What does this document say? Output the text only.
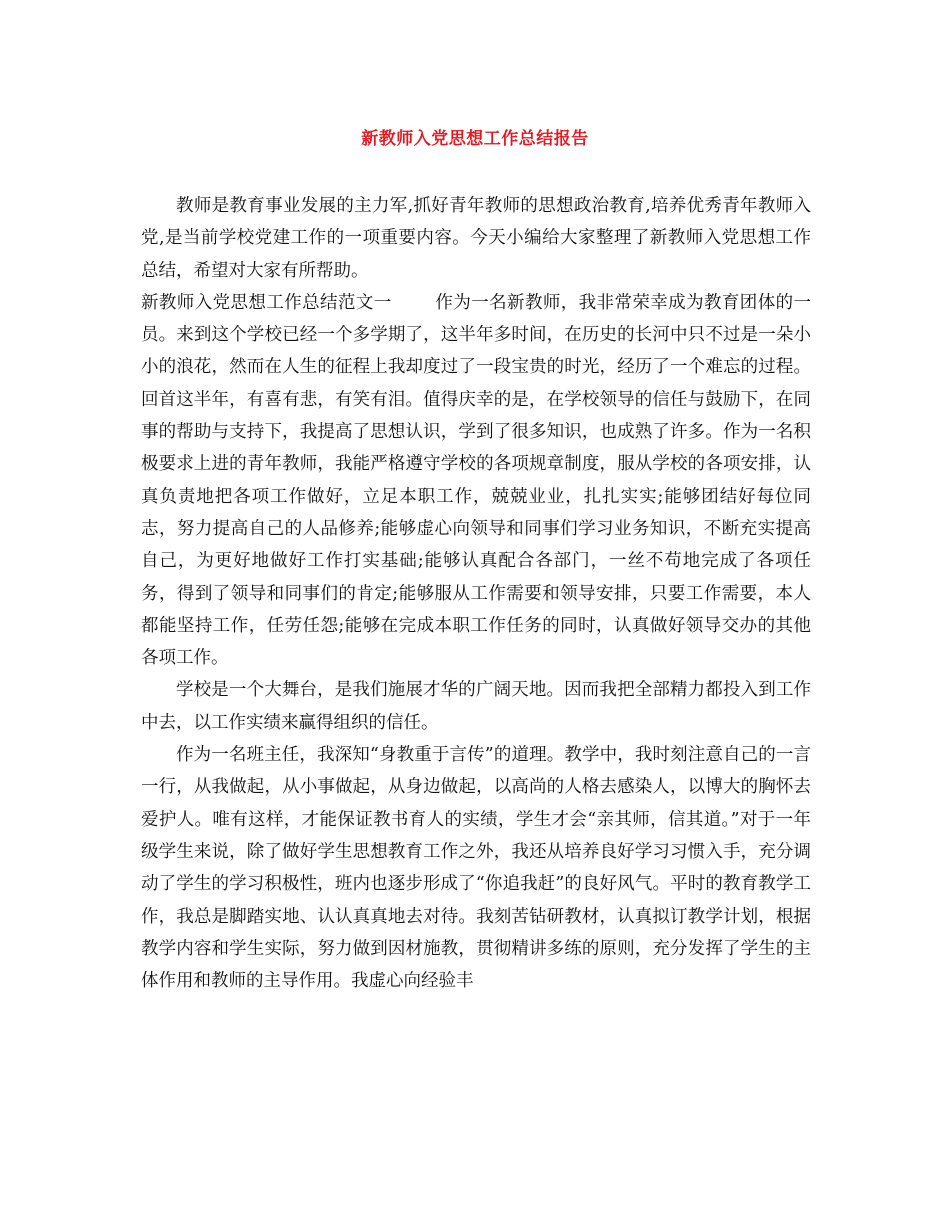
新教师入党思想工作总结报告

教师是教育事业发展的主力军,抓好青年教师的思想政治教育,培养优秀青年教师入党,是当前学校党建工作的一项重要内容。今天小编给大家整理了新教师入党思想工作总结，希望对大家有所帮助。

新教师入党思想工作总结范文一	作为一名新教师，我非常荣幸成为教育团体的一员。来到这个学校已经一个多学期了，这半年多时间，在历史的长河中只不过是一朵小小的浪花，然而在人生的征程上我却度过了一段宝贵的时光，经历了一个难忘的过程。回首这半年，有喜有悲，有笑有泪。值得庆幸的是，在学校领导的信任与鼓励下，在同事的帮助与支持下，我提高了思想认识，学到了很多知识，也成熟了许多。作为一名积极要求上进的青年教师，我能严格遵守学校的各项规章制度，服从学校的各项安排，认真负责地把各项工作做好，立足本职工作，兢兢业业，扎扎实实;能够团结好每位同志，努力提高自己的人品修养;能够虚心向领导和同事们学习业务知识，不断充实提高自己，为更好地做好工作打实基础;能够认真配合各部门，一丝不苟地完成了各项任务，得到了领导和同事们的肯定;能够服从工作需要和领导安排，只要工作需要，本人都能坚持工作，任劳任怨;能够在完成本职工作任务的同时，认真做好领导交办的其他各项工作。

学校是一个大舞台，是我们施展才华的广阔天地。因而我把全部精力都投入到工作中去，以工作实绩来赢得组织的信任。

作为一名班主任，我深知“身教重于言传”的道理。教学中，我时刻注意自己的一言一行，从我做起，从小事做起，从身边做起，以高尚的人格去感染人，以博大的胸怀去爱护人。唯有这样，才能保证教书育人的实绩，学生才会“亲其师，信其道。”对于一年级学生来说，除了做好学生思想教育工作之外，我还从培养良好学习习惯入手，充分调动了学生的学习积极性，班内也逐步形成了“你追我赶”的良好风气。平时的教育教学工作，我总是脚踏实地、认认真真地去对待。我刻苦钻研教材，认真拟订教学计划，根据教学内容和学生实际，努力做到因材施教，贯彻精讲多练的原则，充分发挥了学生的主体作用和教师的主导作用。我虚心向经验丰
